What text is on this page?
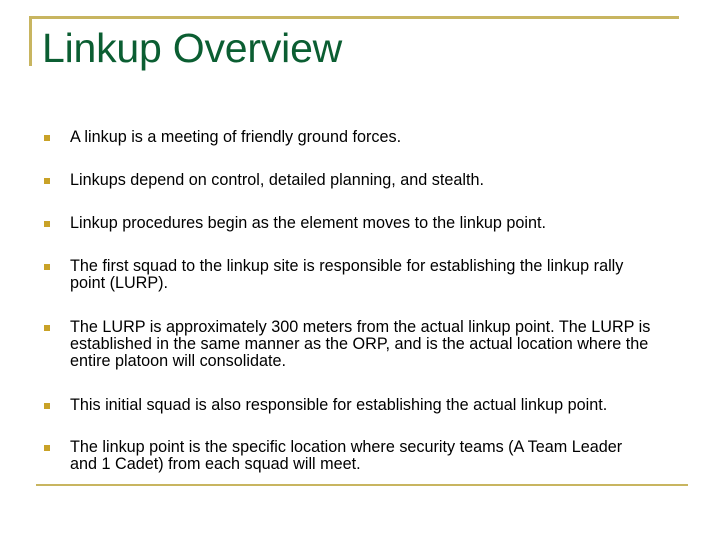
Linkup Overview
A linkup is a meeting of friendly ground forces.
Linkups depend on control, detailed planning, and stealth.
Linkup procedures begin as the element moves to the linkup point.
The first squad to the linkup site is responsible for establishing the linkup rally point (LURP).
The LURP is approximately 300 meters from the actual linkup point. The LURP is established in the same manner as the ORP, and is the actual location where the entire platoon will consolidate.
This initial squad is also responsible for establishing the actual linkup point.
The linkup point is the specific location where security teams (A Team Leader and 1 Cadet) from each squad will meet.
